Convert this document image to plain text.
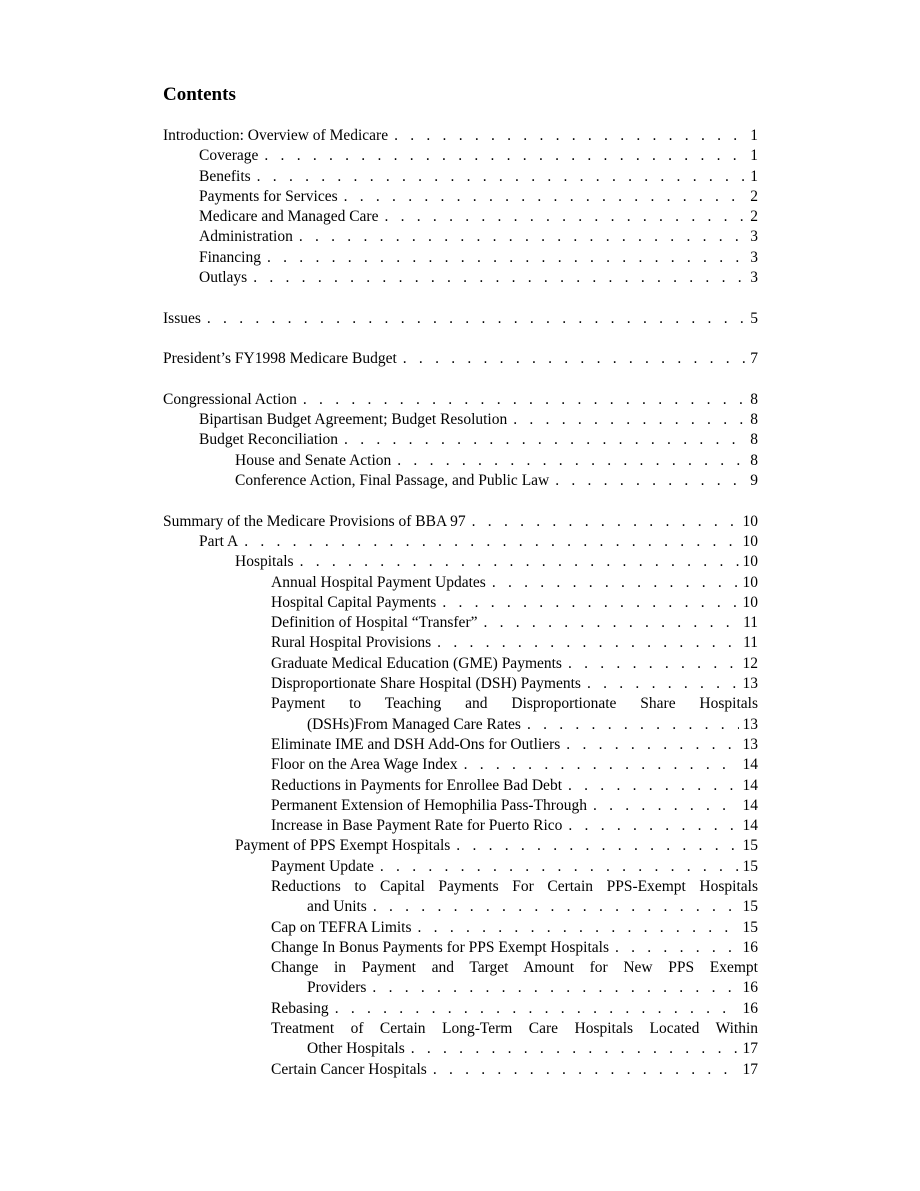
Contents
Introduction: Overview of Medicare . . .	1
Coverage . . .	1
Benefits . . .	1
Payments for Services . . .	2
Medicare and Managed Care . . .	2
Administration . . .	3
Financing . . .	3
Outlays . . .	3
Issues . . .	5
President’s FY1998 Medicare Budget . . .	7
Congressional Action . . .	8
Bipartisan Budget Agreement; Budget Resolution . . .	8
Budget Reconciliation . . .	8
House and Senate Action . . .	8
Conference Action, Final Passage, and Public Law . . .	9
Summary of the Medicare Provisions of BBA 97 . . .	10
Part A . . .	10
Hospitals . . .	10
Annual Hospital Payment Updates . . .	10
Hospital Capital Payments . . .	10
Definition of Hospital “Transfer” . . .	11
Rural Hospital Provisions . . .	11
Graduate Medical Education (GME) Payments . . .	12
Disproportionate Share Hospital (DSH) Payments . . .	13
Payment to Teaching and Disproportionate Share Hospitals
(DSHs)From Managed Care Rates . . .	13
Eliminate IME and DSH Add-Ons for Outliers . . .	13
Floor on the Area Wage Index . . .	14
Reductions in Payments for Enrollee Bad Debt . . .	14
Permanent Extension of Hemophilia Pass-Through . . .	14
Increase in Base Payment Rate for Puerto Rico . . .	14
Payment of PPS Exempt Hospitals . . .	15
Payment Update . . .	15
Reductions to Capital Payments For Certain PPS-Exempt Hospitals
and Units . . .	15
Cap on TEFRA Limits . . .	15
Change In Bonus Payments for PPS Exempt Hospitals . . .	16
Change in Payment and Target Amount for New PPS Exempt
Providers . . .	16
Rebasing . . .	16
Treatment of Certain Long-Term Care Hospitals Located Within
Other Hospitals . . .	17
Certain Cancer Hospitals . . .	17
